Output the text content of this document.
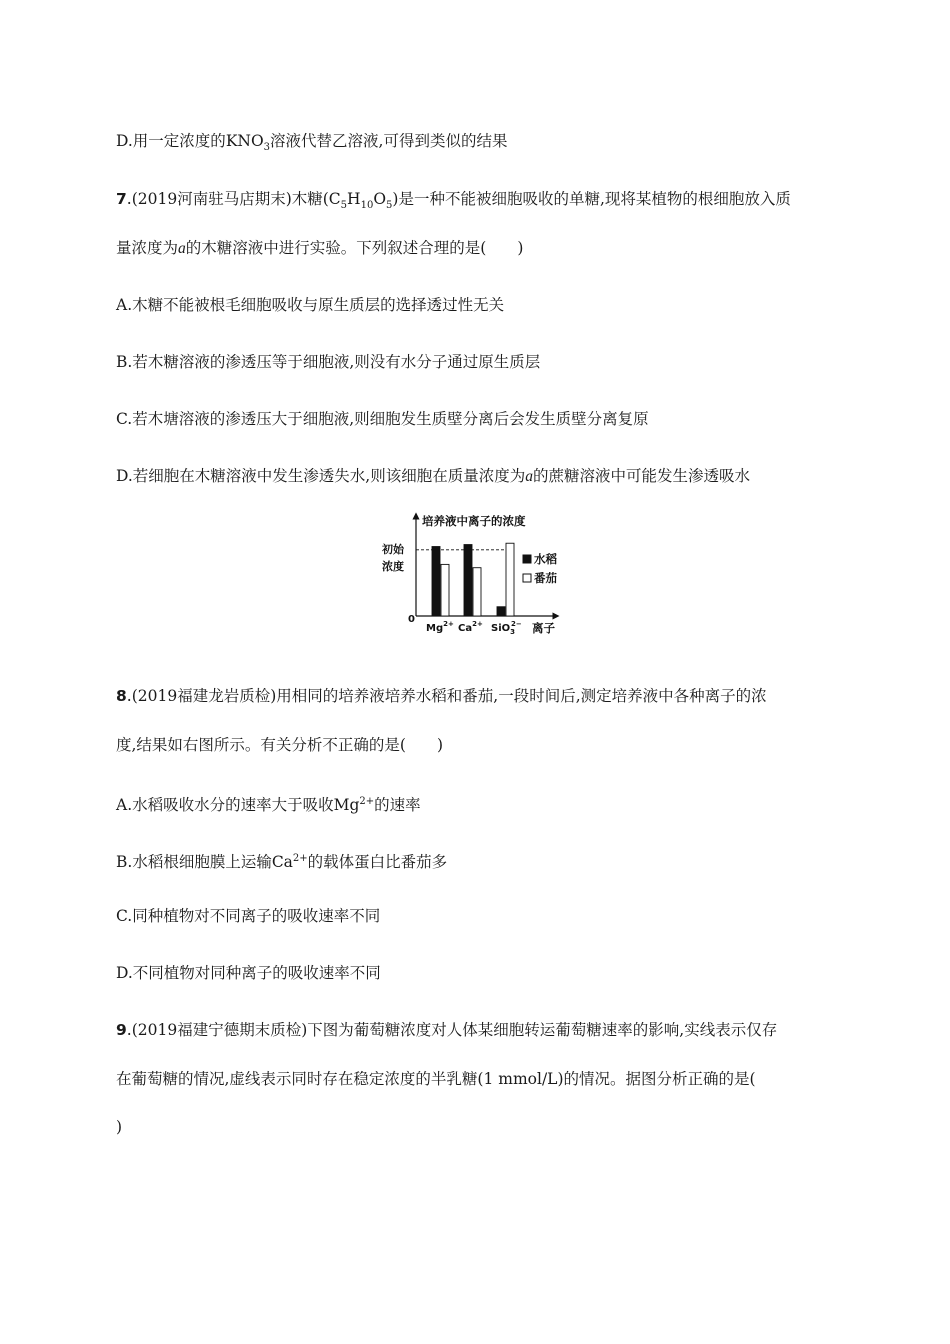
D.用一定浓度的$KNO_3$溶液代替乙溶液,可得到类似的结果
7.(2019河南驻马店期末)木糖$(C_5H_{10}O_5)$是一种不能被细胞吸收的单糖,现将某植物的根细胞放入质
量浓度为a的木糖溶液中进行实验。下列叙述合理的是(　　)
A.木糖不能被根毛细胞吸收与原生质层的选择透过性无关
B.若木糖溶液的渗透压等于细胞液,则没有水分子通过原生质层
C.若木塘溶液的渗透压大于细胞液,则细胞发生质壁分离后会发生质壁分离复原
D.若细胞在木糖溶液中发生渗透失水,则该细胞在质量浓度为a的蔗糖溶液中可能发生渗透吸水
培养液中离子的浓度
0
初始
浓度
$Mg^{2+}$ $Ca^{2+}$ SiO$_3$2− 离子
水稻
番茄
8.(2019福建龙岩质检)用相同的培养液培养水稻和番茄,一段时间后,测定培养液中各种离子的浓
度,结果如右图所示。有关分析不正确的是(　　)
A.水稻吸收水分的速率大于吸收$Mg^{2+}$的速率
B.水稻根细胞膜上运输$Ca^{2+}$的载体蛋白比番茄多
C.同种植物对不同离子的吸收速率不同
D.不同植物对同种离子的吸收速率不同
9.(2019福建宁德期末质检)下图为葡萄糖浓度对人体某细胞转运葡萄糖速率的影响,实线表示仅存
在葡萄糖的情况,虚线表示同时存在稳定浓度的半乳糖(1 mmol/L)的情况。据图分析正确的是(
)
